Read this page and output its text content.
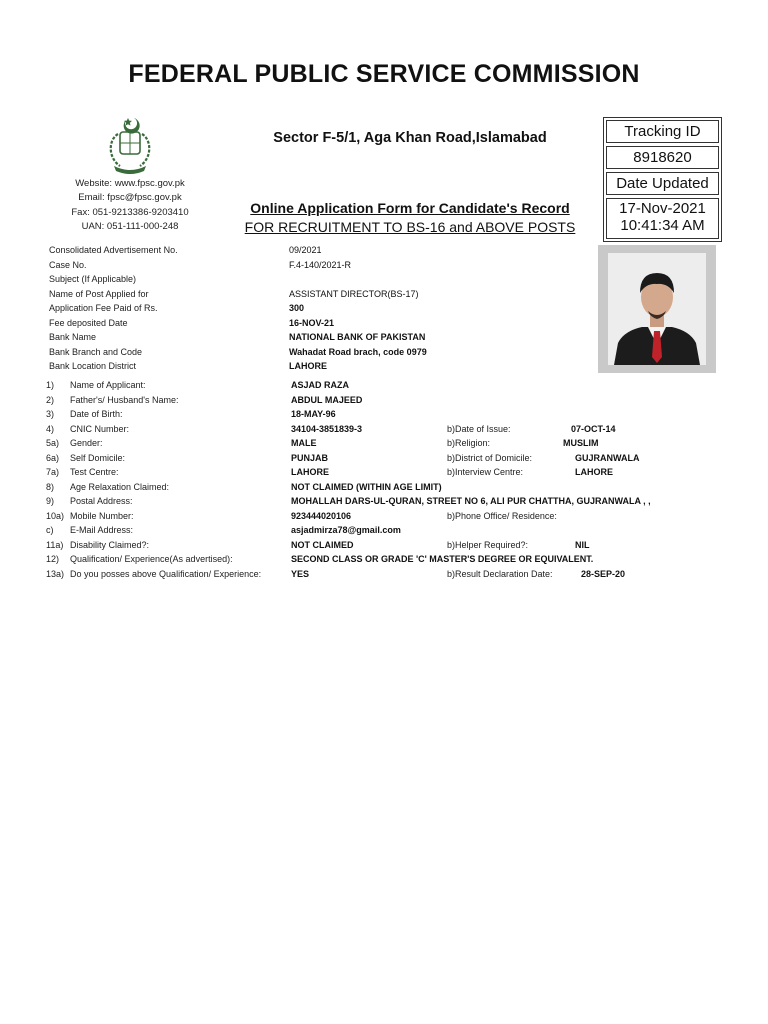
FEDERAL PUBLIC SERVICE COMMISSION
Website: www.fpsc.gov.pk
Email: fpsc@fpsc.gov.pk
Fax: 051-9213386-9203410
UAN: 051-111-000-248
Sector F-5/1, Aga Khan Road,Islamabad
Online Application Form for Candidate's Record
FOR RECRUITMENT TO BS-16 and ABOVE POSTS
Tracking ID
8918620
Date Updated
17-Nov-2021
10:41:34 AM
Consolidated Advertisement No.	09/2021
Case No.	F.4-140/2021-R
Subject (If Applicable)
Name of Post Applied for	ASSISTANT DIRECTOR(BS-17)
Application Fee Paid of Rs.	300
Fee deposited Date	16-NOV-21
Bank Name	NATIONAL BANK OF PAKISTAN
Bank Branch and Code	Wahadat Road brach, code 0979
Bank Location District	LAHORE
1) Name of Applicant:	ASJAD RAZA
2) Father's/ Husband's Name:	ABDUL MAJEED
3) Date of Birth:	18-MAY-96
4) CNIC Number:	34104-3851839-3	b)Date of Issue:	07-OCT-14
5a) Gender:	MALE	b)Religion:	MUSLIM
6a) Self Domicile:	PUNJAB	b)District of Domicile:	GUJRANWALA
7a) Test Centre:	LAHORE	b)Interview Centre:	LAHORE
8) Age Relaxation Claimed:	NOT CLAIMED (WITHIN AGE LIMIT)
9) Postal Address:	MOHALLAH DARS-UL-QURAN, STREET NO 6, ALI PUR CHATTHA, GUJRANWALA , ,
10a) Mobile Number:	923444020106	b)Phone Office/ Residence:
c) E-Mail Address:	asjadmirza78@gmail.com
11a) Disability Claimed?:	NOT CLAIMED	b)Helper Required?:	NIL
12) Qualification/ Experience(As advertised):	SECOND CLASS OR GRADE 'C' MASTER'S DEGREE OR EQUIVALENT.
13a) Do you posses above Qualification/ Experience:	YES	b)Result Declaration Date:	28-SEP-20
